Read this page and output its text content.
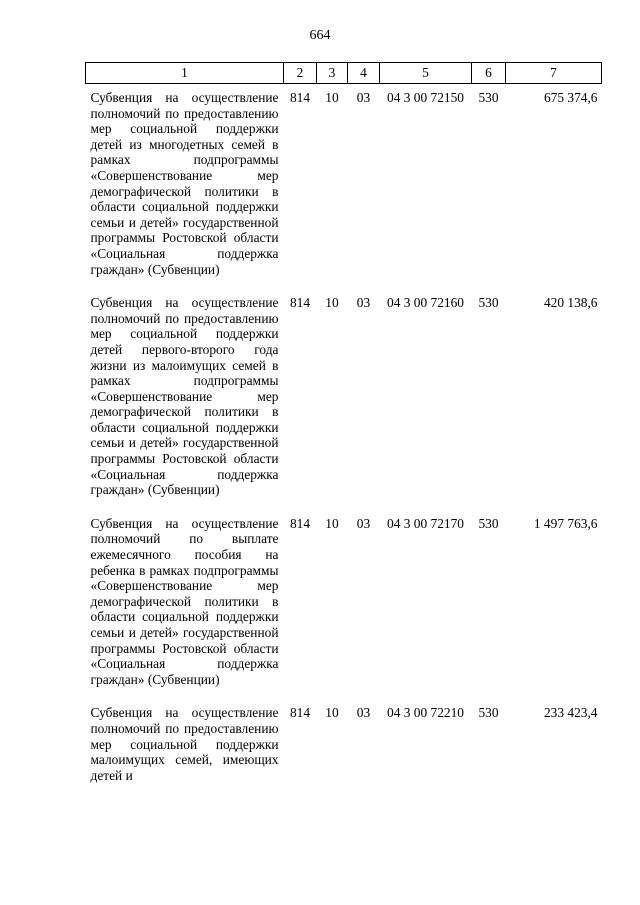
664
1	2	3	4	5	6	7
Субвенция на осуществление полномочий по предоставлению мер социальной поддержки детей из многодетных семей в рамках подпрограммы «Совершенствование мер демографической политики в области социальной поддержки семьи и детей» государственной программы Ростовской области «Социальная поддержка граждан» (Субвенции)	814	10	03	04 3 00 72150	530	675 374,6
Субвенция на осуществление полномочий по предоставлению мер социальной поддержки детей первого-второго года жизни из малоимущих семей в рамках подпрограммы «Совершенствование мер демографической политики в области социальной поддержки семьи и детей» государственной программы Ростовской области «Социальная поддержка граждан» (Субвенции)	814	10	03	04 3 00 72160	530	420 138,6
Субвенция на осуществление полномочий по выплате ежемесячного пособия на ребенка в рамках подпрограммы «Совершенствование мер демографической политики в области социальной поддержки семьи и детей» государственной программы Ростовской области «Социальная поддержка граждан» (Субвенции)	814	10	03	04 3 00 72170	530	1 497 763,6
Субвенция на осуществление полномочий по предоставлению мер социальной поддержки малоимущих семей, имеющих детей и	814	10	03	04 3 00 72210	530	233 423,4
